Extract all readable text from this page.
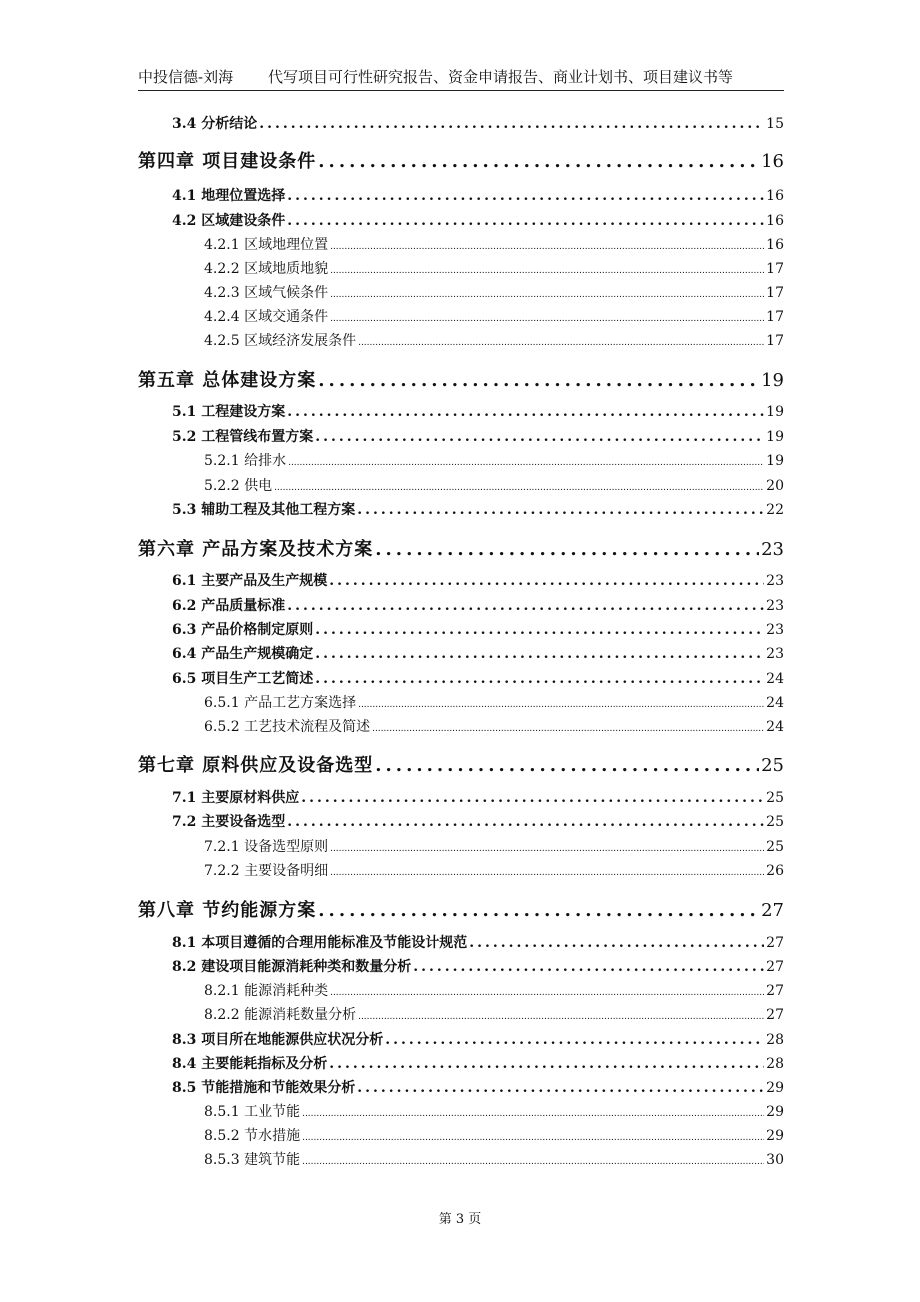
中投信德-刘海 代写项目可行性研究报告、资金申请报告、商业计划书、项目建议书等
3.4 分析结论 .....	15
第四章 项目建设条件 .....	16
4.1 地理位置选择 .....	16
4.2 区域建设条件 .....	16
4.2.1 区域地理位置 .....	16
4.2.2 区域地质地貌 .....	17
4.2.3 区域气候条件 .....	17
4.2.4 区域交通条件 .....	17
4.2.5 区域经济发展条件 .....	17
第五章 总体建设方案 .....	19
5.1 工程建设方案 .....	19
5.2 工程管线布置方案 .....	19
5.2.1 给排水 .....	19
5.2.2 供电 .....	20
5.3 辅助工程及其他工程方案 .....	22
第六章 产品方案及技术方案 .....	23
6.1 主要产品及生产规模 .....	23
6.2 产品质量标准 .....	23
6.3 产品价格制定原则 .....	23
6.4 产品生产规模确定 .....	23
6.5 项目生产工艺简述 .....	24
6.5.1 产品工艺方案选择 .....	24
6.5.2 工艺技术流程及简述 .....	24
第七章 原料供应及设备选型 .....	25
7.1 主要原材料供应 .....	25
7.2 主要设备选型 .....	25
7.2.1 设备选型原则 .....	25
7.2.2 主要设备明细 .....	26
第八章 节约能源方案 .....	27
8.1 本项目遵循的合理用能标准及节能设计规范 .....	27
8.2 建设项目能源消耗种类和数量分析 .....	27
8.2.1 能源消耗种类 .....	27
8.2.2 能源消耗数量分析 .....	27
8.3 项目所在地能源供应状况分析 .....	28
8.4 主要能耗指标及分析 .....	28
8.5 节能措施和节能效果分析 .....	29
8.5.1 工业节能 .....	29
8.5.2 节水措施 .....	29
8.5.3 建筑节能 .....	30
第 3 页
